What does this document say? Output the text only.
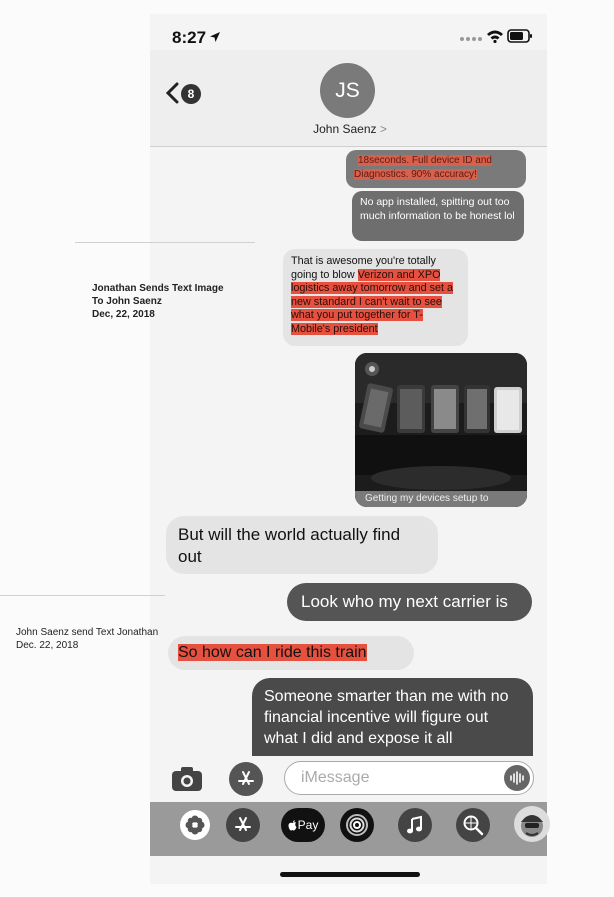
8:27
8	JS
John Saenz >
18seconds. Full device ID and
Diagnostics. 90% accuracy!
No app installed, spitting out too much information to be honest lol
Jonathan Sends Text Image
To John Saenz
Dec, 22, 2018
That is awesome you're totally going to blow Verizon and XPO logistics away tomorrow and set a new standard I can't wait to see what you put together for T-Mobile's president
Getting my devices setup to
But will the world actually find out
Look who my next carrier is
John Saenz send Text Jonathan
Dec. 22, 2018	So how can I ride this train
Someone smarter than me with no financial incentive will figure out what I did and expose it all
iMessage
Pay
